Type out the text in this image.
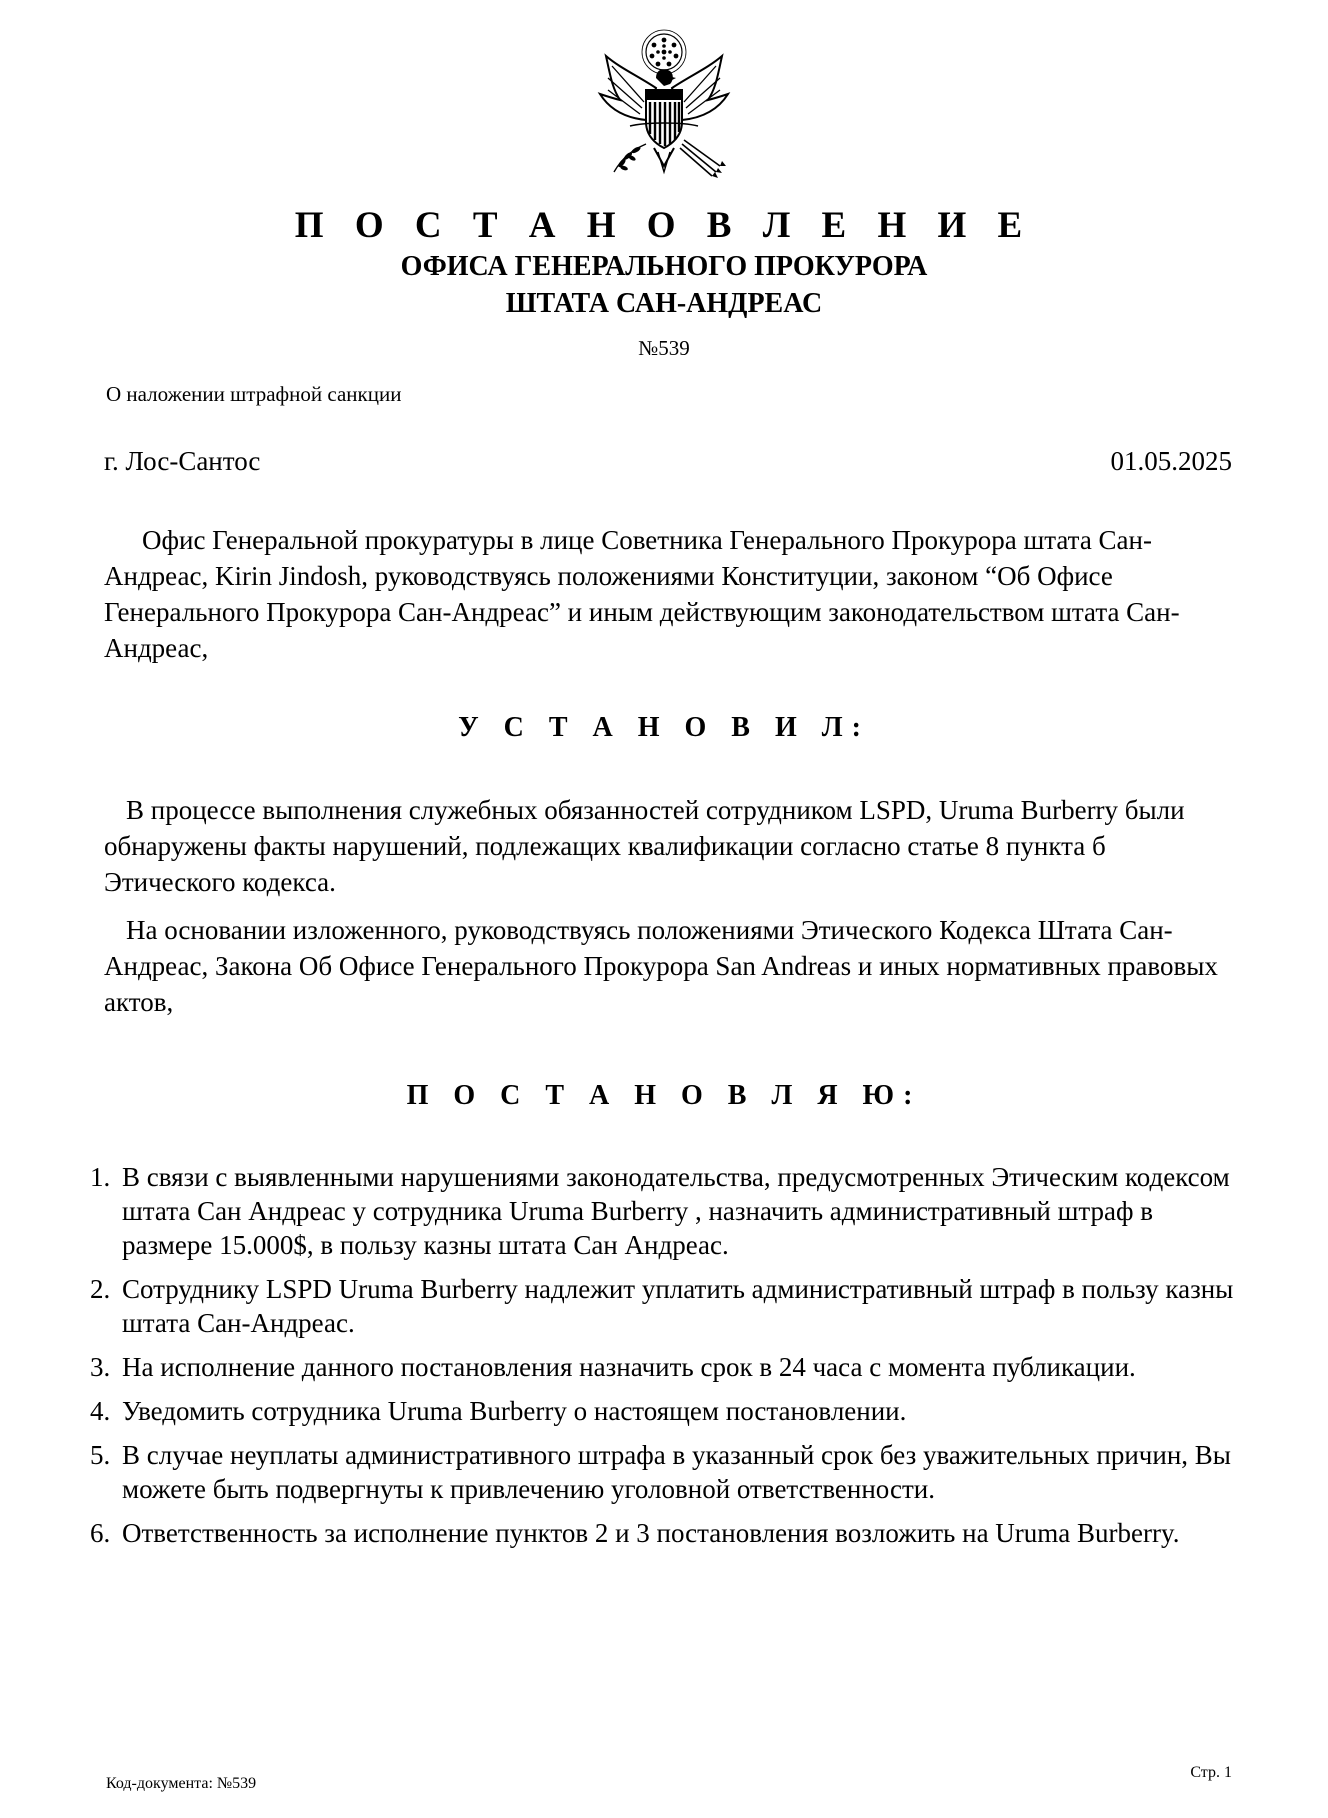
П О С Т А Н О В Л Е Н И Е
ОФИСА ГЕНЕРАЛЬНОГО ПРОКУРОРА
ШТАТА САН-АНДРЕАС
№539
О наложении штрафной санкции
г. Лос-Сантос	01.05.2025

Офис Генеральной прокуратуры в лице Советника Генерального Прокурора штата Сан-Андреас, Kirin Jindosh, руководствуясь положениями Конституции, законом “Об Офисе Генерального Прокурора Сан-Андреас” и иным действующим законодательством штата Сан-Андреас,

У С Т А Н О В И Л:

В процессе выполнения служебных обязанностей сотрудником LSPD, Uruma Burberry были обнаружены факты нарушений, подлежащих квалификации согласно статье 8 пункта б Этического кодекса.

На основании изложенного, руководствуясь положениями Этического Кодекса Штата Сан-Андреас, Закона Об Офисе Генерального Прокурора San Andreas и иных нормативных правовых актов,

П О С Т А Н О В Л Я Ю:
1. В связи с выявленными нарушениями законодательства, предусмотренных Этическим кодексом штата Сан Андреас у сотрудника Uruma Burberry , назначить административный штраф в размере 15.000$, в пользу казны штата Сан Андреас.
2. Сотруднику LSPD Uruma Burberry надлежит уплатить административный штраф в пользу казны штата Сан-Андреас.
3. На исполнение данного постановления назначить срок в 24 часа с момента публикации.
4. Уведомить сотрудника Uruma Burberry о настоящем постановлении.
5. В случае неуплаты административного штрафа в указанный срок без уважительных причин, Вы можете быть подвергнуты к привлечению уголовной ответственности.
6. Ответственность за исполнение пунктов 2 и 3 постановления возложить на Uruma Burberry.
Код-документа: №539
Стр. 1
